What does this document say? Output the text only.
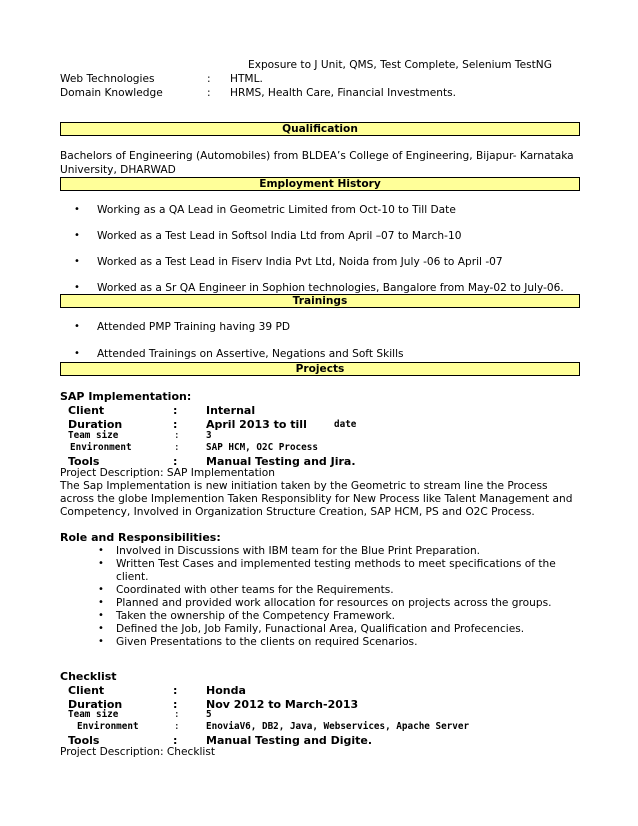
Exposure to J Unit, QMS, Test Complete, Selenium TestNG
Web Technologies	: HTML.
Domain Knowledge	: HRMS, Health Care, Financial Investments.
Qualification
Bachelors of Engineering (Automobiles) from BLDEA’s College of Engineering, Bijapur- Karnataka
University, DHARWAD
Employment History
• Working as a QA Lead in Geometric Limited from Oct-10 to Till Date
• Worked as a Test Lead in Softsol India Ltd from April –07 to March-10
• Worked as a Test Lead in Fiserv India Pvt Ltd, Noida from July -06 to April -07
• Worked as a Sr QA Engineer in Sophion technologies, Bangalore from May-02 to July-06.
Trainings
• Attended PMP Training having 39 PD
• Attended Trainings on Assertive, Negations and Soft Skills
Projects
SAP Implementation:
Client	:	Internal
Duration	:	April 2013 to till	date
Team size	:	3
Environment	:	SAP HCM, O2C Process
Tools	:	Manual Testing and Jira.
Project Description: SAP Implementation
The Sap Implementation is new initiation taken by the Geometric to stream line the Process
across the globe Implemention Taken Responsiblity for New Process like Talent Management and
Competency, Involved in Organization Structure Creation, SAP HCM, PS and O2C Process.
Role and Responsibilities:
• Involved in Discussions with IBM team for the Blue Print Preparation.
• Written Test Cases and implemented testing methods to meet specifications of the
client.
• Coordinated with other teams for the Requirements.
• Planned and provided work allocation for resources on projects across the groups.
• Taken the ownership of the Competency Framework.
• Defined the Job, Job Family, Funactional Area, Qualification and Profecencies.
• Given Presentations to the clients on required Scenarios.
Checklist
Client	:	Honda
Duration	:	Nov 2012 to March-2013
Team size	:	5
Environment	:	EnoviaV6, DB2, Java, Webservices, Apache Server
Tools	:	Manual Testing and Digite.
Project Description: Checklist
